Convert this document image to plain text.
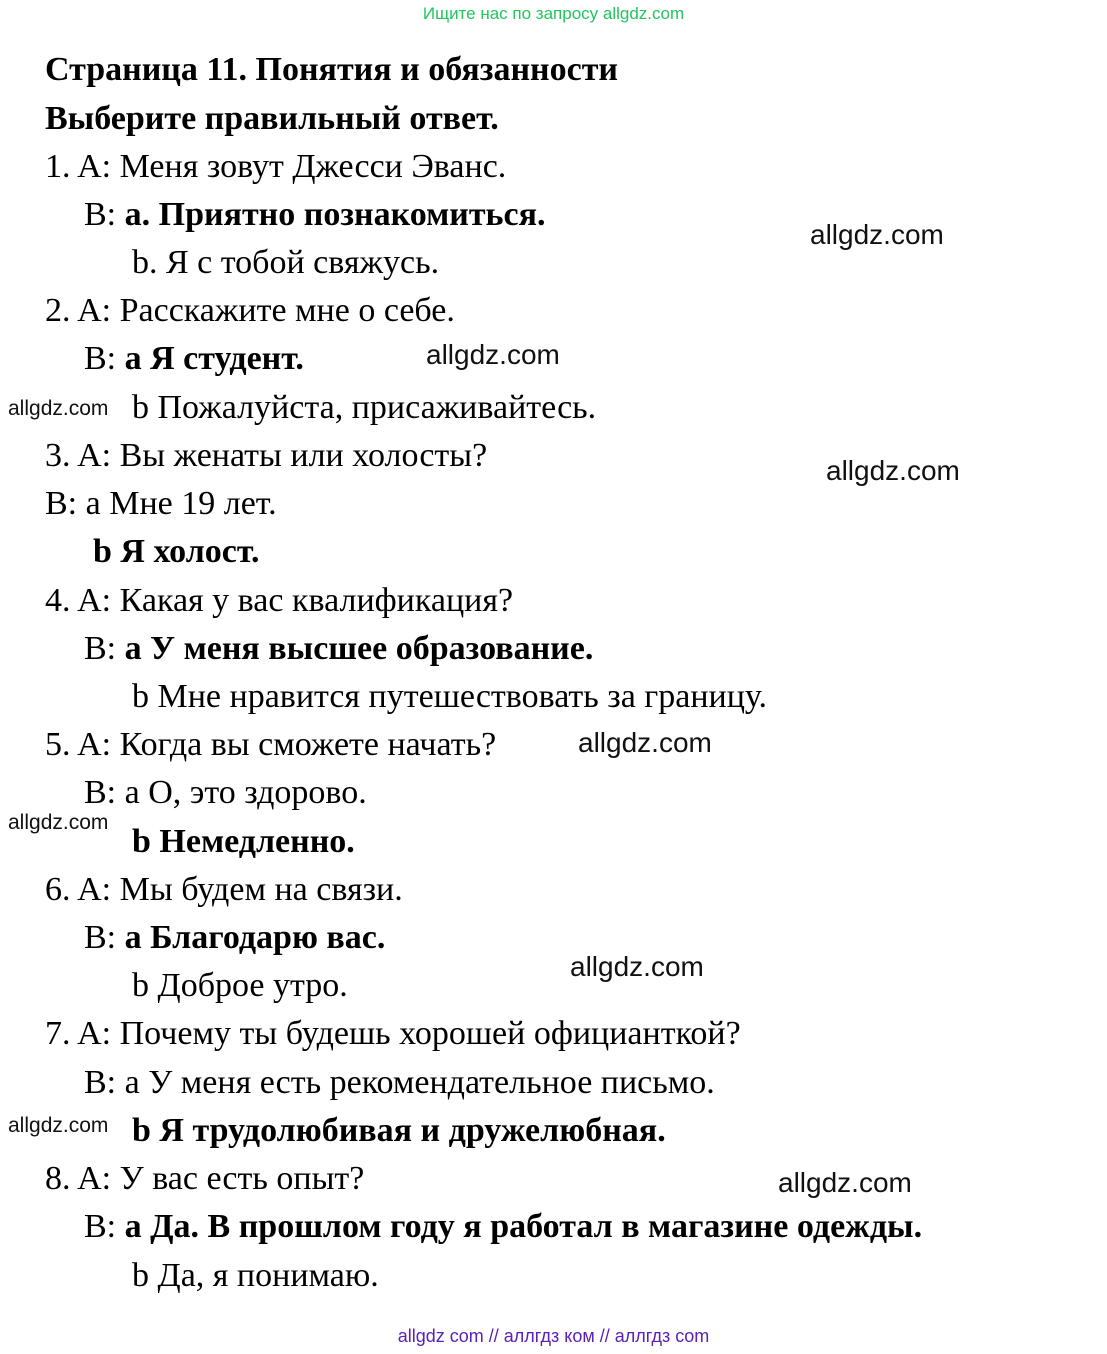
Ищите нас по запросу allgdz.com
Страница 11. Понятия и обязанности
Выберите правильный ответ.
1. A: Меня зовут Джесси Эванс.
B: a. Приятно познакомиться.
b. Я с тобой свяжусь.
2. A: Расскажите мне о себе.
B: a Я студент.
b Пожалуйста, присаживайтесь.
3. A: Вы женаты или холосты?
B: a Мне 19 лет.
b Я холост.
4. A: Какая у вас квалификация?
B: a У меня высшее образование.
b Мне нравится путешествовать за границу.
5. A: Когда вы сможете начать?
B: a О, это здорово.
b Немедленно.
6. A: Мы будем на связи.
B: a Благодарю вас.
b Доброе утро.
7. A: Почему ты будешь хорошей официанткой?
B: a У меня есть рекомендательное письмо.
b Я трудолюбивая и дружелюбная.
8. A: У вас есть опыт?
B: a Да. В прошлом году я работал в магазине одежды.
b Да, я понимаю.
allgdz.com
allgdz.com
allgdz.com
allgdz.com
allgdz.com
allgdz.com
allgdz.com
allgdz.com
allgdz.com
allgdz com // аллгдз ком // аллгдз com
